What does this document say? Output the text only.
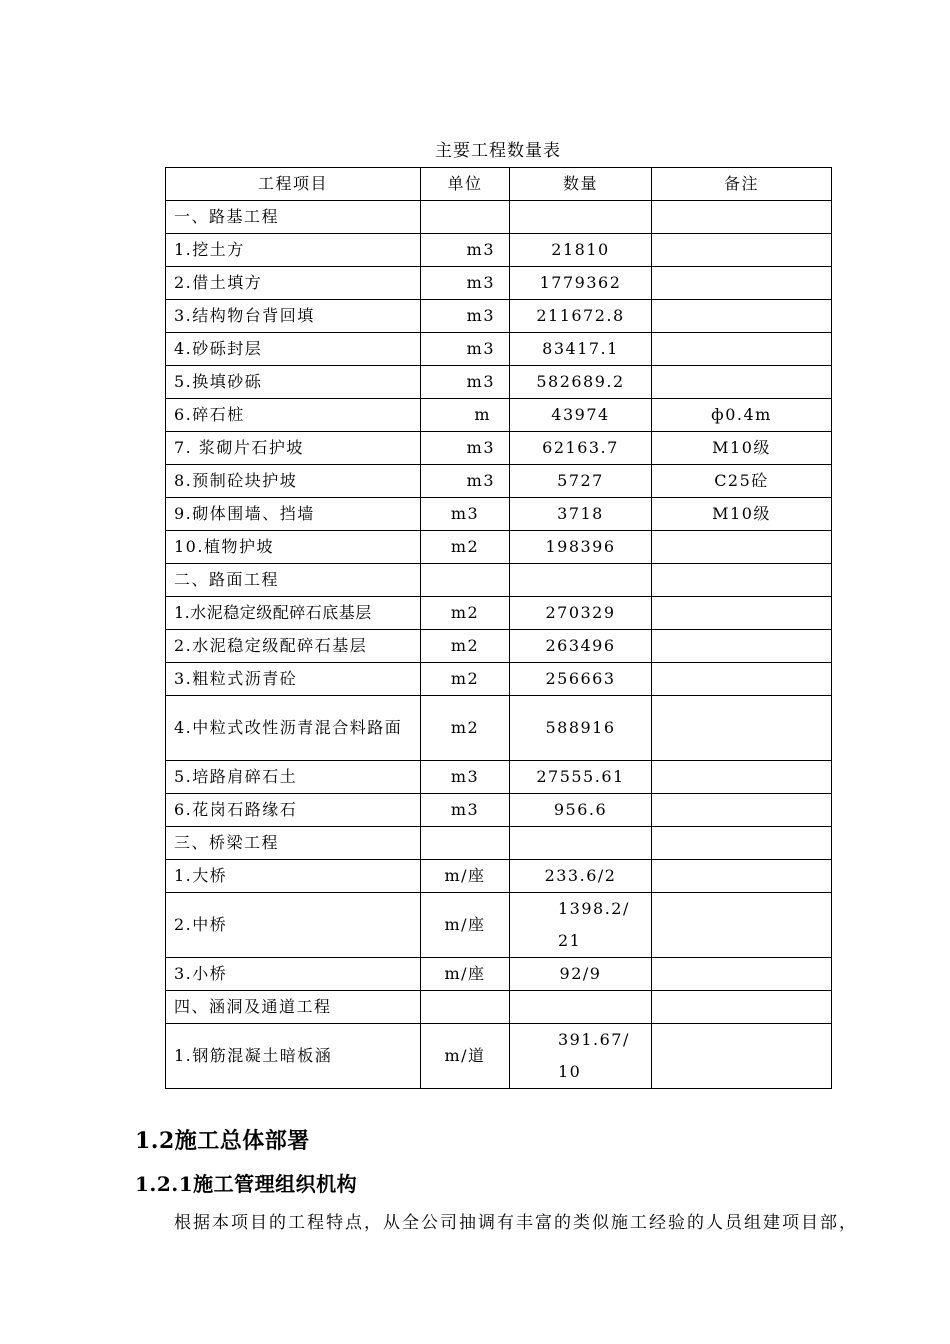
主要工程数量表
工程项目	单位	数量	备注
一、路基工程			
1.挖土方	m3	21810	
2.借土填方	m3	1779362	
3.结构物台背回填	m3	211672.8	
4.砂砾封层	m3	83417.1	
5.换填砂砾	m3	582689.2	
6.碎石桩	m	43974	ф0.4m
7. 浆砌片石护坡	m3	62163.7	M10级
8.预制砼块护坡	m3	5727	C25砼
9.砌体围墙、挡墙	m3	3718	M10级
10.植物护坡	m2	198396	
二、路面工程			
1.水泥稳定级配碎石底基层	m2	270329	
2.水泥稳定级配碎石基层	m2	263496	
3.粗粒式沥青砼	m2	256663	
4.中粒式改性沥青混合料路面	m2	588916	
5.培路肩碎石土	m3	27555.61	
6.花岗石路缘石	m3	956.6	
三、桥梁工程			
1.大桥	m/座	233.6/2	
2.中桥	m/座	1398.2/21	
3.小桥	m/座	92/9	
四、涵洞及通道工程			
1.钢筋混凝土暗板涵	m/道	391.67/10	
1.2施工总体部署
1.2.1施工管理组织机构
根据本项目的工程特点，从全公司抽调有丰富的类似施工经验的人员组建项目部，
